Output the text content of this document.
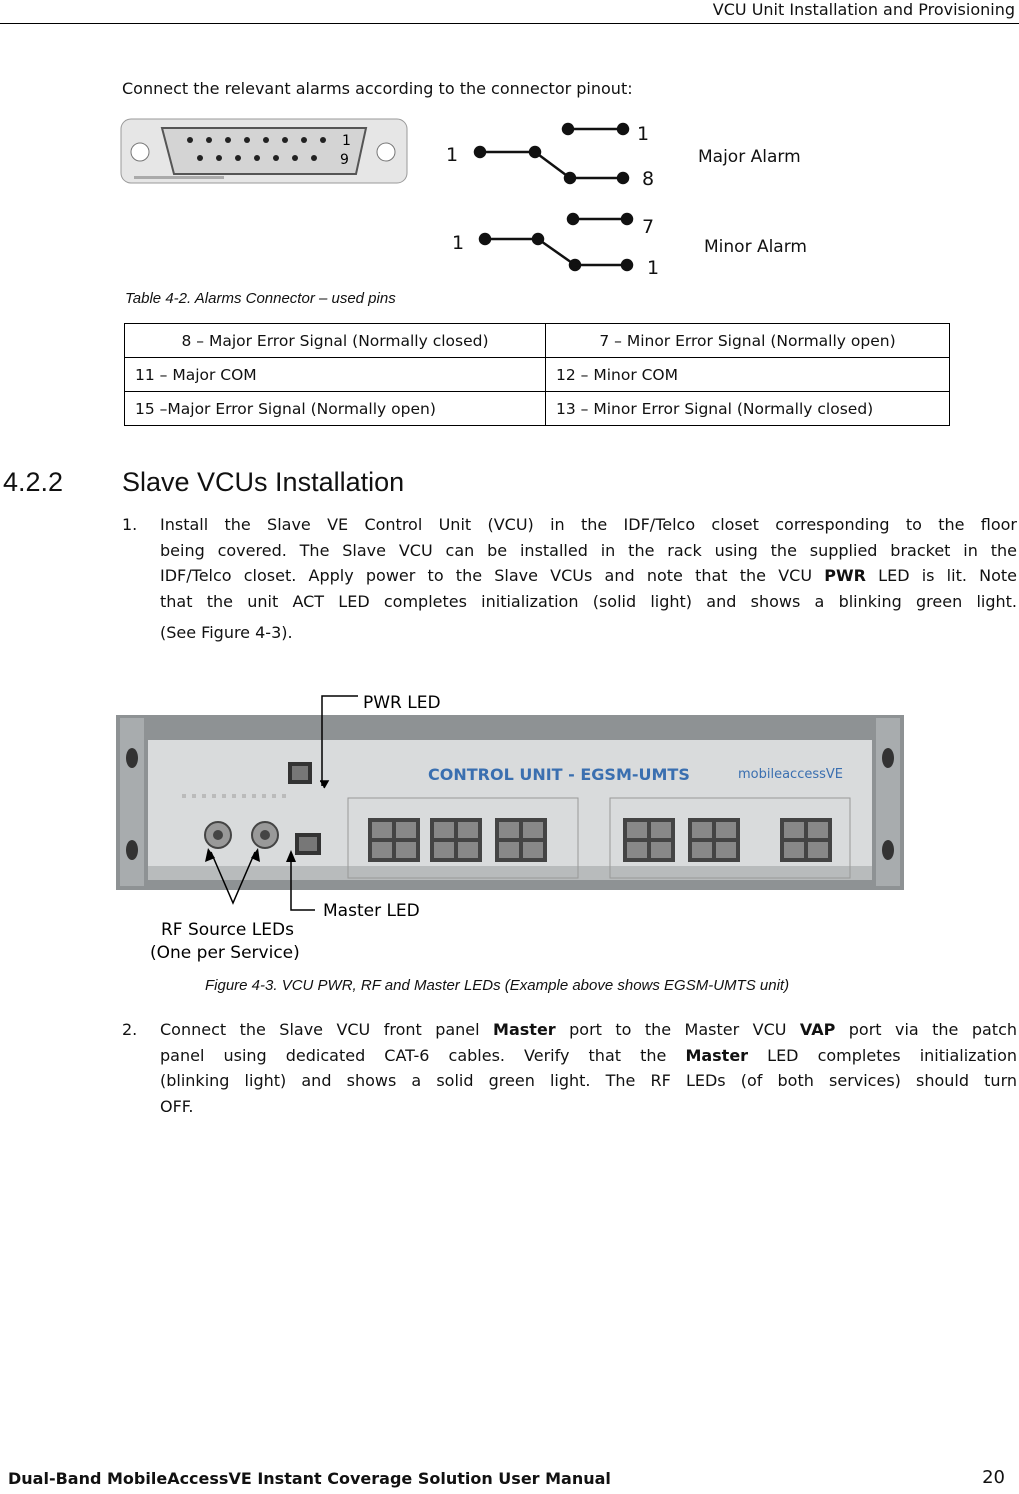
VCU Unit Installation and Provisioning
Connect the relevant alarms according to the connector pinout:
1
9	1
1
8
1
7
1
Major Alarm
Minor Alarm
Table 4-2. Alarms Connector – used pins
8 – Major Error Signal (Normally closed)	7 – Minor Error Signal (Normally open)
11 – Major COM	12 – Minor COM
15 –Major Error Signal (Normally open)	13 – Minor Error Signal (Normally closed)
4.2.2 Slave VCUs Installation
1. Install the Slave VE Control Unit (VCU) in the IDF/Telco closet corresponding to the floor
being covered. The Slave VCU can be installed in the rack using the supplied bracket in the
IDF/Telco closet. Apply power to the Slave VCUs and note that the VCU PWR LED is lit. Note
that the unit ACT LED completes initialization (solid light) and shows a blinking green light.
(See Figure 4-3).
CONTROL UNIT - EGSM-UMTS	mobileaccessVE
PWR LED
Master LED
RF Source LEDs
(One per Service)
Figure 4-3. VCU PWR, RF and Master LEDs (Example above shows EGSM-UMTS unit)
2. Connect the Slave VCU front panel Master port to the Master VCU VAP port via the patch
panel using dedicated CAT-6 cables. Verify that the Master LED completes initialization
(blinking light) and shows a solid green light. The RF LEDs (of both services) should turn
OFF.
Dual-Band MobileAccessVE Instant Coverage Solution User Manual	20
